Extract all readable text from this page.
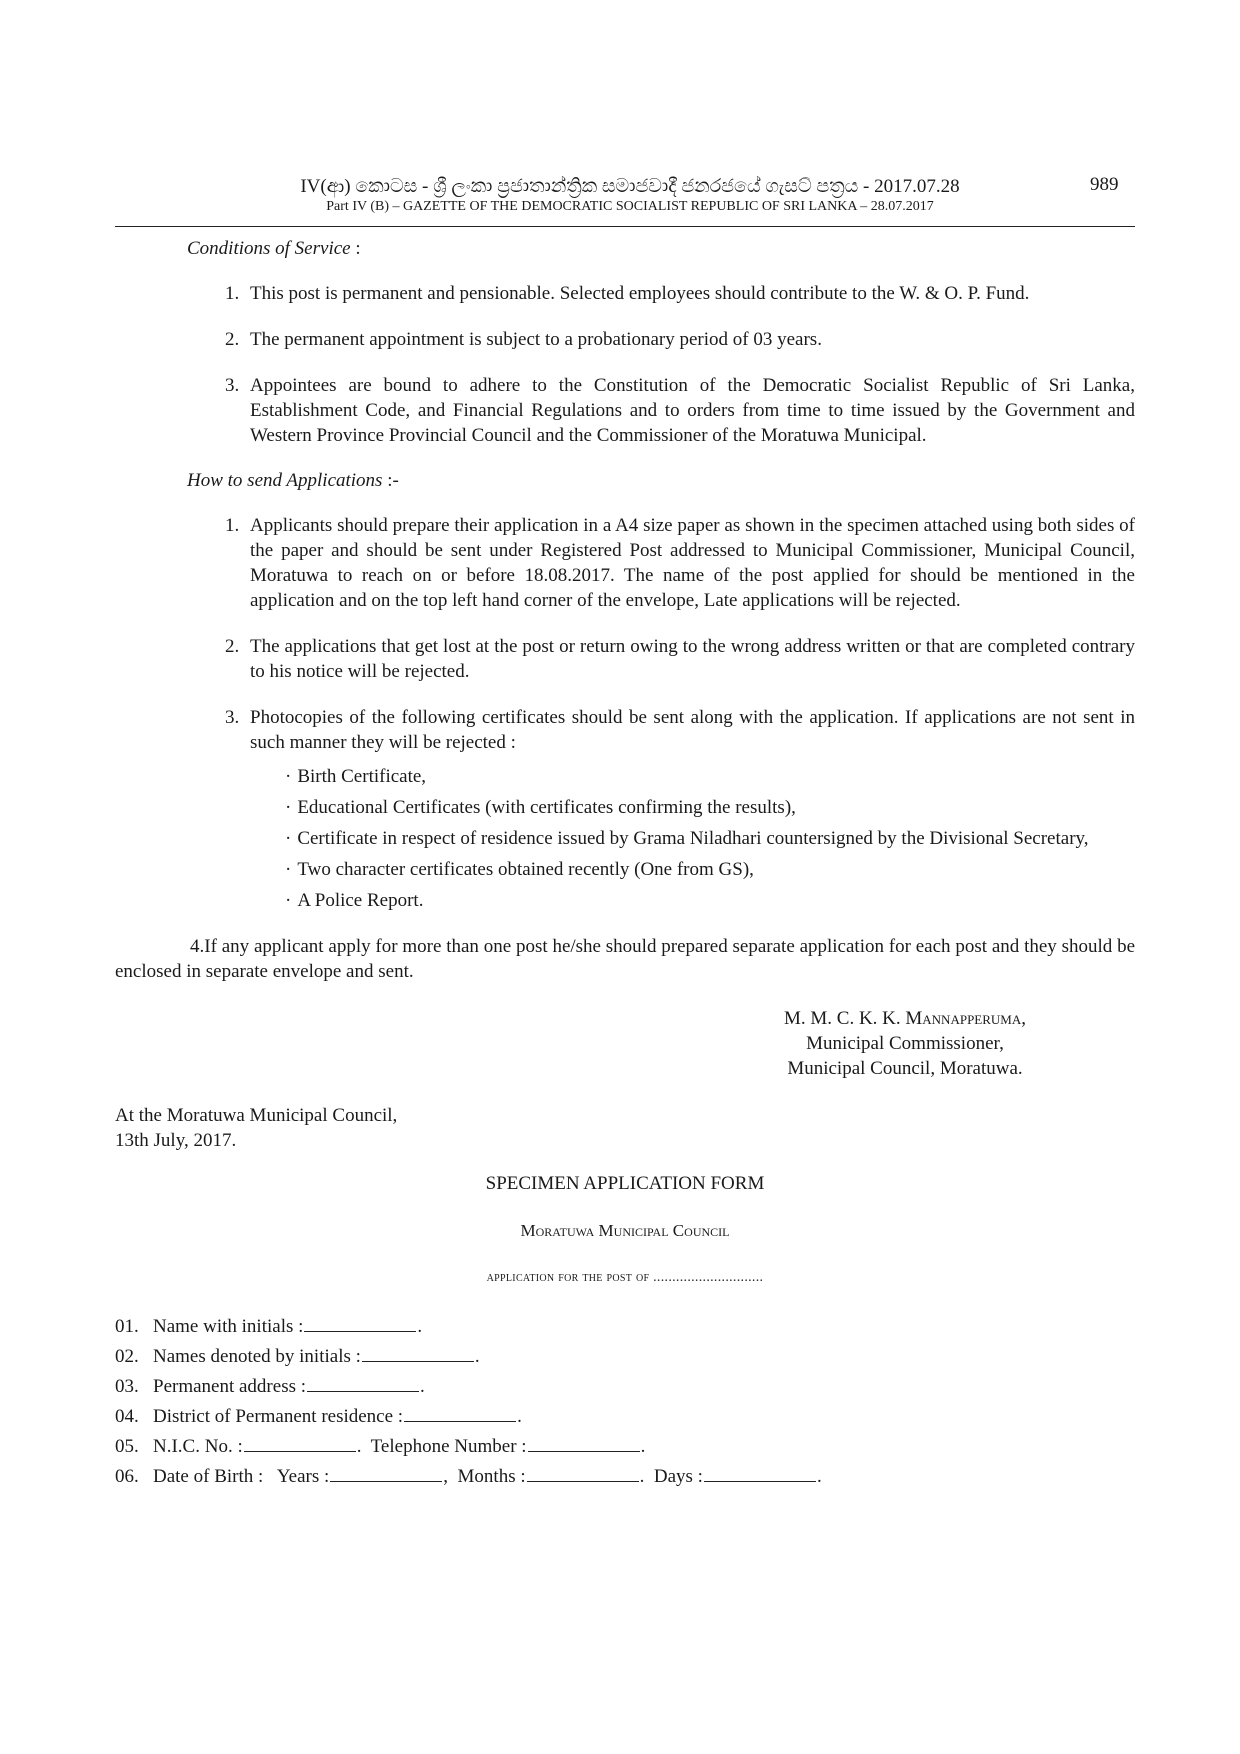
IV(ආ) කොටස - ශ්‍රී ලංකා ප්‍රජාතාන්ත්‍රික සමාජවාදී ජනරජයේ ගැසට් පත්‍රය - 2017.07.28
Part IV (B) – GAZETTE OF THE DEMOCRATIC SOCIALIST REPUBLIC OF SRI LANKA – 28.07.2017
989
Conditions of Service :
1. This post is permanent and pensionable. Selected employees should contribute to the W. & O. P. Fund.
2. The permanent appointment is subject to a probationary period of 03 years.
3. Appointees are bound to adhere to the Constitution of the Democratic Socialist Republic of Sri Lanka, Establishment Code, and Financial Regulations and to orders from time to time issued by the Government and Western Province Provincial Council and the Commissioner of the Moratuwa Municipal.
How to send Applications :-
1. Applicants should prepare their application in a A4 size paper as shown in the specimen attached using both sides of the paper and should be sent under Registered Post addressed to Municipal Commissioner, Municipal Council, Moratuwa to reach on or before 18.08.2017. The name of the post applied for should be mentioned in the application and on the top left hand corner of the envelope, Late applications will be rejected.
2. The applications that get lost at the post or return owing to the wrong address written or that are completed contrary to his notice will be rejected.
3. Photocopies of the following certificates should be sent along with the application. If applications are not sent in such manner they will be rejected :
· Birth Certificate,
· Educational Certificates (with certificates confirming the results),
· Certificate in respect of residence issued by Grama Niladhari countersigned by the Divisional Secretary,
· Two character certificates obtained recently (One from GS),
· A Police Report.
4.If any applicant apply for more than one post he/she should prepared separate application for each post and they should be enclosed in separate envelope and sent.
M. M. C. K. K. Mannapperuma,
Municipal Commissioner,
Municipal Council, Moratuwa.
At the Moratuwa Municipal Council,
13th July, 2017.
SPECIMEN APPLICATION FORM
Moratuwa Municipal Council
application for the post of .............................
01. Name with initials :	.
02. Names denoted by initials :	.
03. Permanent address :	.
04. District of Permanent residence :	.
05. N.I.C. No. :	. Telephone Number :	.
06. Date of Birth : Years :	, Months :	. Days :	.
